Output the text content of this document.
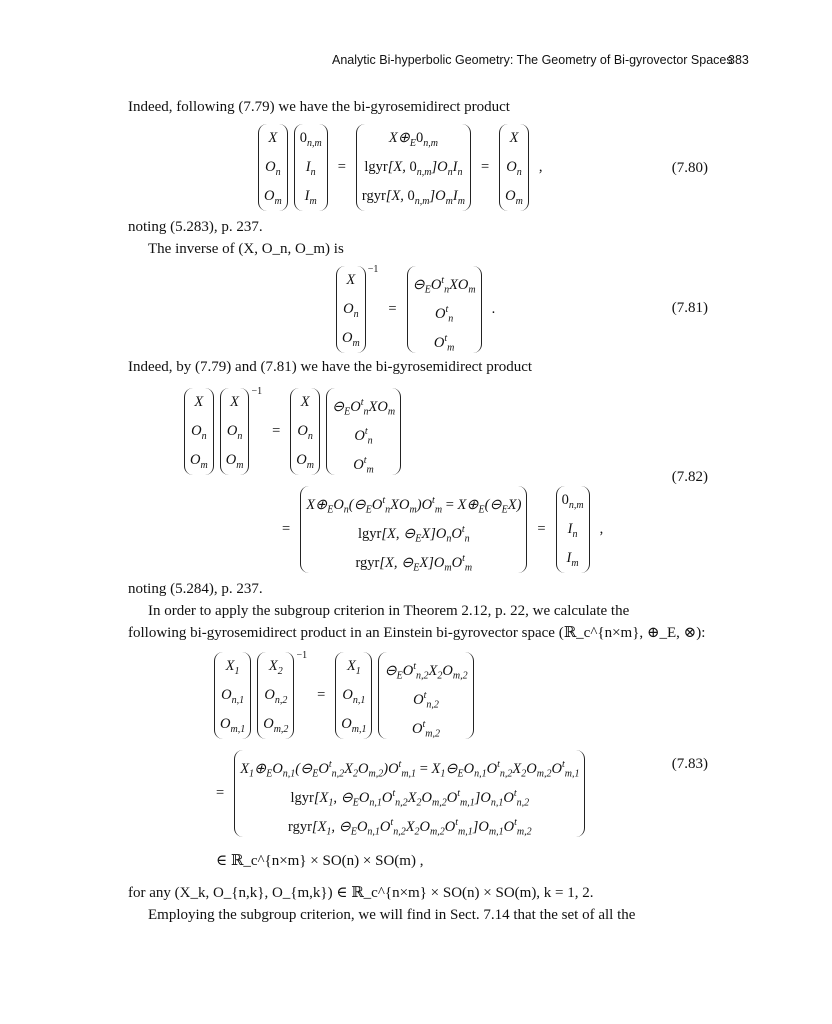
Analytic Bi-hyperbolic Geometry: The Geometry of Bi-gyrovector Spaces
383
Indeed, following (7.79) we have the bi-gyrosemidirect product
X
$O_n$
$O_m$
$0_{n,m}$
$I_n$
$I_m$
=
$X\oplus_E0_{n,m}$
lgyr[X, $0_{n,m}]O_nI_n$
rgyr[X, $0_{n,m}]O_mI_m$
=
X
$O_n$
$O_m$
,	(7.80)
noting (5.283), p. 237.
The inverse of (X, O_n, O_m) is
X
$O_n$
$O_m$
$^{-1}$
=
$⊖_EO^t_nXO_m$
$O^t_n$
$O^t_m$
.	(7.81)
Indeed, by (7.79) and (7.81) we have the bi-gyrosemidirect product
X
$O_n$
$O_m$
X
$O_n$
$O_m$
$^{-1}$
=
X
$O_n$
$O_m$
$⊖_EO^t_nXO_m$
$O^t_n$
$O^t_m$	(7.82)
=
$X\oplus_EO_n(⊖_EO^t_nXO_m)O^t_m$ = $X\oplus_E(⊖_EX)$
lgyr[X, $⊖_EX]O_nO^t_n$
rgyr[X, $⊖_EX]O_mO^t_m$
=
$0_{n,m}$
$I_n$
$I_m$
,
noting (5.284), p. 237.
In order to apply the subgroup criterion in Theorem 2.12, p. 22, we calculate the
following bi-gyrosemidirect product in an Einstein bi-gyrovector space (ℝ_c^{n×m}, ⊕_E, ⊗):
$X_1$
$O_{n,1}$
$O_{m,1}$
$X_2$
$O_{n,2}$
$O_{m,2}$
$^{-1}$
=
$X_1$
$O_{n,1}$
$O_{m,1}$
$⊖_EO^t_{n,2}X_2O_{m,2}$
$O^t_{n,2}$
$O^t_{m,2}$
(7.83)
=
$X_1\oplus_EO_{n,1}(⊖_EO^t_{n,2}X_2O_{m,2})O^t_{m,1}$ = $X_1⊖_EO_{n,1}O^t_{n,2}X_2O_{m,2}O^t_{m,1}$
$lgyr[X_1$, $⊖_EO_{n,1}O^t_{n,2}X_2O_{m,2}O^t_{m,1}]O_{n,1}O^t_{n,2}$
$rgyr[X_1$, $⊖_EO_{n,1}O^t_{n,2}X_2O_{m,2}O^t_{m,1}]O_{m,1}O^t_{m,2}$
∈ ℝ_c^{n×m} × SO(n) × SO(m) ,
for any (X_k, O_{n,k}, O_{m,k}) ∈ ℝ_c^{n×m} × SO(n) × SO(m), k = 1, 2.
Employing the subgroup criterion, we will find in Sect. 7.14 that the set of all the
